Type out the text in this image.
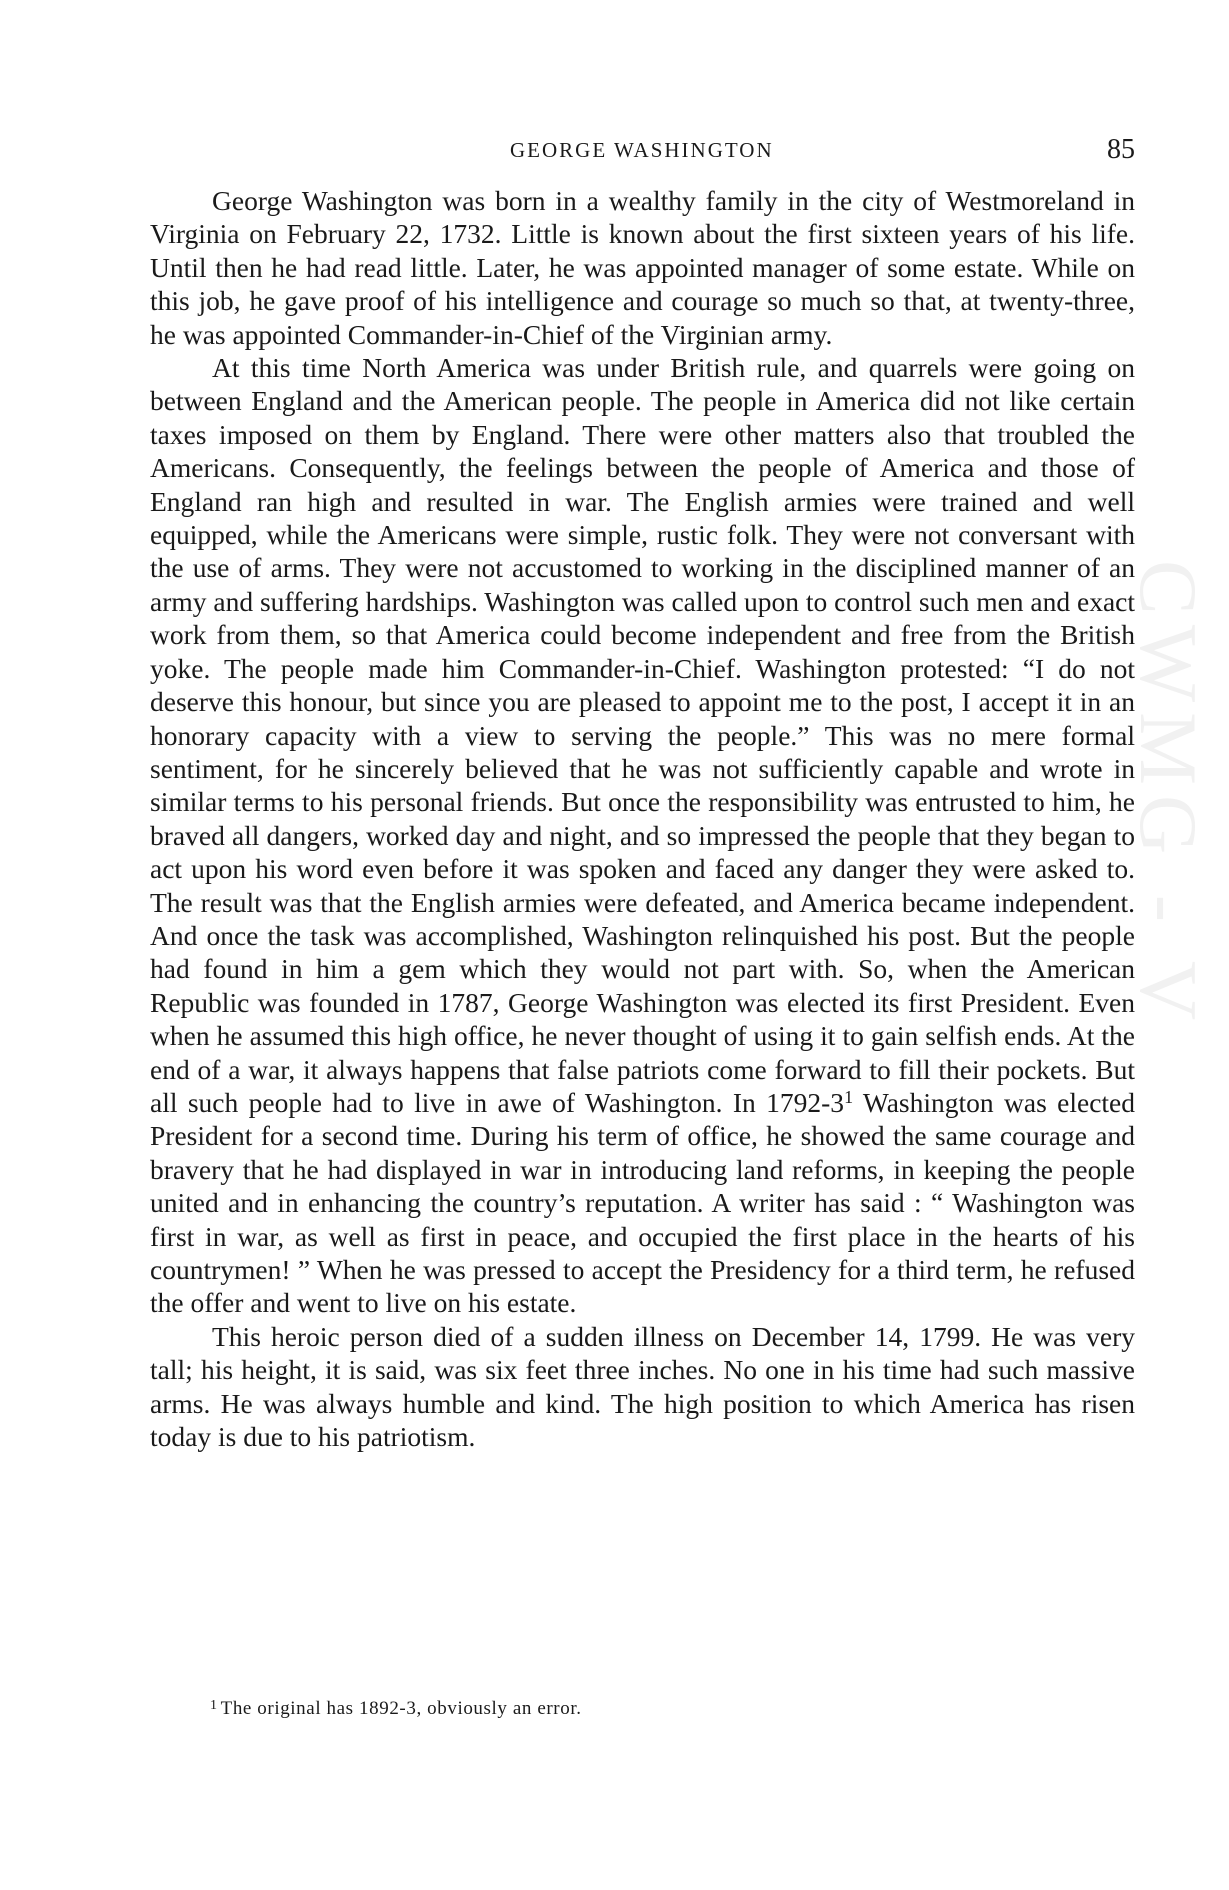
GEORGE WASHINGTON	85

George Washington was born in a wealthy family in the city of Westmoreland in Virginia on February 22, 1732. Little is known about the first sixteen years of his life. Until then he had read little. Later, he was appointed manager of some estate. While on this job, he gave proof of his intelligence and courage so much so that, at twenty-three, he was appointed Commander-in-Chief of the Virginian army.

At this time North America was under British rule, and quarrels were going on between England and the American people. The people in America did not like certain taxes imposed on them by England. There were other matters also that troubled the Americans. Consequently, the feelings between the people of America and those of England ran high and resulted in war. The English armies were trained and well equipped, while the Americans were simple, rustic folk. They were not conversant with the use of arms. They were not accustomed to working in the disciplined manner of an army and suffering hardships. Washington was called upon to control such men and exact work from them, so that America could become independent and free from the British yoke. The people made him Commander-in-Chief. Washington protested: “I do not deserve this honour, but since you are pleased to appoint me to the post, I accept it in an honorary capacity with a view to serving the people.” This was no mere formal sentiment, for he sincerely believed that he was not sufficiently capable and wrote in similar terms to his personal friends. But once the responsibility was entrusted to him, he braved all dangers, worked day and night, and so impressed the people that they began to act upon his word even before it was spoken and faced any danger they were asked to. The result was that the English armies were defeated, and America became independent. And once the task was accomplished, Washington relinquished his post. But the people had found in him a gem which they would not part with. So, when the American Republic was founded in 1787, George Washington was elected its first President. Even when he assumed this high office, he never thought of using it to gain selfish ends. At the end of a war, it always happens that false patriots come forward to fill their pockets. But all such people had to live in awe of Washington. In 1792-3$^1$ Washington was elected President for a second time. During his term of office, he showed the same courage and bravery that he had displayed in war in introducing land reforms, in keeping the people united and in enhancing the country’s reputation. A writer has said : “ Washington was first in war, as well as first in peace, and occupied the first place in the hearts of his countrymen! ” When he was pressed to accept the Presidency for a third term, he refused the offer and went to live on his estate.

This heroic person died of a sudden illness on December 14, 1799. He was very tall; his height, it is said, was six feet three inches. No one in his time had such massive arms. He was always humble and kind. The high position to which America has risen today is due to his patriotism.

$^1$ The original has 1892-3, obviously an error.
CWMG - V
